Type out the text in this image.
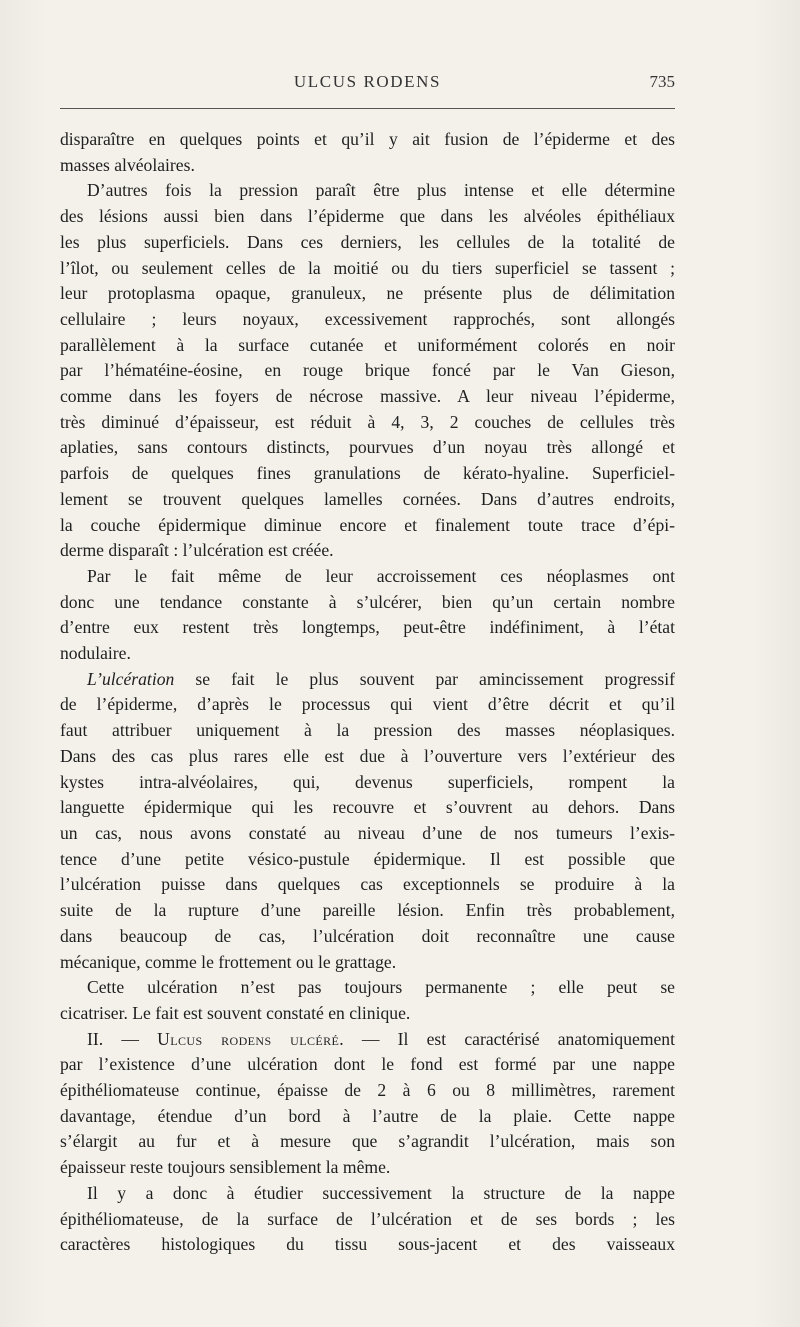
ULCUS RODENS	735
disparaître en quelques points et qu’il y ait fusion de l’épiderme et des
masses alvéolaires.
D’autres fois la pression paraît être plus intense et elle détermine
des lésions aussi bien dans l’épiderme que dans les alvéoles épithéliaux
les plus superficiels. Dans ces derniers, les cellules de la totalité de
l’îlot, ou seulement celles de la moitié ou du tiers superficiel se tassent ;
leur protoplasma opaque, granuleux, ne présente plus de délimitation
cellulaire ; leurs noyaux, excessivement rapprochés, sont allongés
parallèlement à la surface cutanée et uniformément colorés en noir
par l’hématéine-éosine, en rouge brique foncé par le Van Gieson,
comme dans les foyers de nécrose massive. A leur niveau l’épiderme,
très diminué d’épaisseur, est réduit à 4, 3, 2 couches de cellules très
aplaties, sans contours distincts, pourvues d’un noyau très allongé et
parfois de quelques fines granulations de kérato-hyaline. Superficiel-
lement se trouvent quelques lamelles cornées. Dans d’autres endroits,
la couche épidermique diminue encore et finalement toute trace d’épi-
derme disparaît : l’ulcération est créée.
Par le fait même de leur accroissement ces néoplasmes ont
donc une tendance constante à s’ulcérer, bien qu’un certain nombre
d’entre eux restent très longtemps, peut-être indéfiniment, à l’état
nodulaire.
L’ulcération se fait le plus souvent par amincissement progressif
de l’épiderme, d’après le processus qui vient d’être décrit et qu’il
faut attribuer uniquement à la pression des masses néoplasiques.
Dans des cas plus rares elle est due à l’ouverture vers l’extérieur des
kystes intra-alvéolaires, qui, devenus superficiels, rompent la
languette épidermique qui les recouvre et s’ouvrent au dehors. Dans
un cas, nous avons constaté au niveau d’une de nos tumeurs l’exis-
tence d’une petite vésico-pustule épidermique. Il est possible que
l’ulcération puisse dans quelques cas exceptionnels se produire à la
suite de la rupture d’une pareille lésion. Enfin très probablement,
dans beaucoup de cas, l’ulcération doit reconnaître une cause
mécanique, comme le frottement ou le grattage.
Cette ulcération n’est pas toujours permanente ; elle peut se
cicatriser. Le fait est souvent constaté en clinique.
II. — Ulcus rodens ulcéré. — Il est caractérisé anatomiquement
par l’existence d’une ulcération dont le fond est formé par une nappe
épithéliomateuse continue, épaisse de 2 à 6 ou 8 millimètres, rarement
davantage, étendue d’un bord à l’autre de la plaie. Cette nappe
s’élargit au fur et à mesure que s’agrandit l’ulcération, mais son
épaisseur reste toujours sensiblement la même.
Il y a donc à étudier successivement la structure de la nappe
épithéliomateuse, de la surface de l’ulcération et de ses bords ; les
caractères histologiques du tissu sous-jacent et des vaisseaux
